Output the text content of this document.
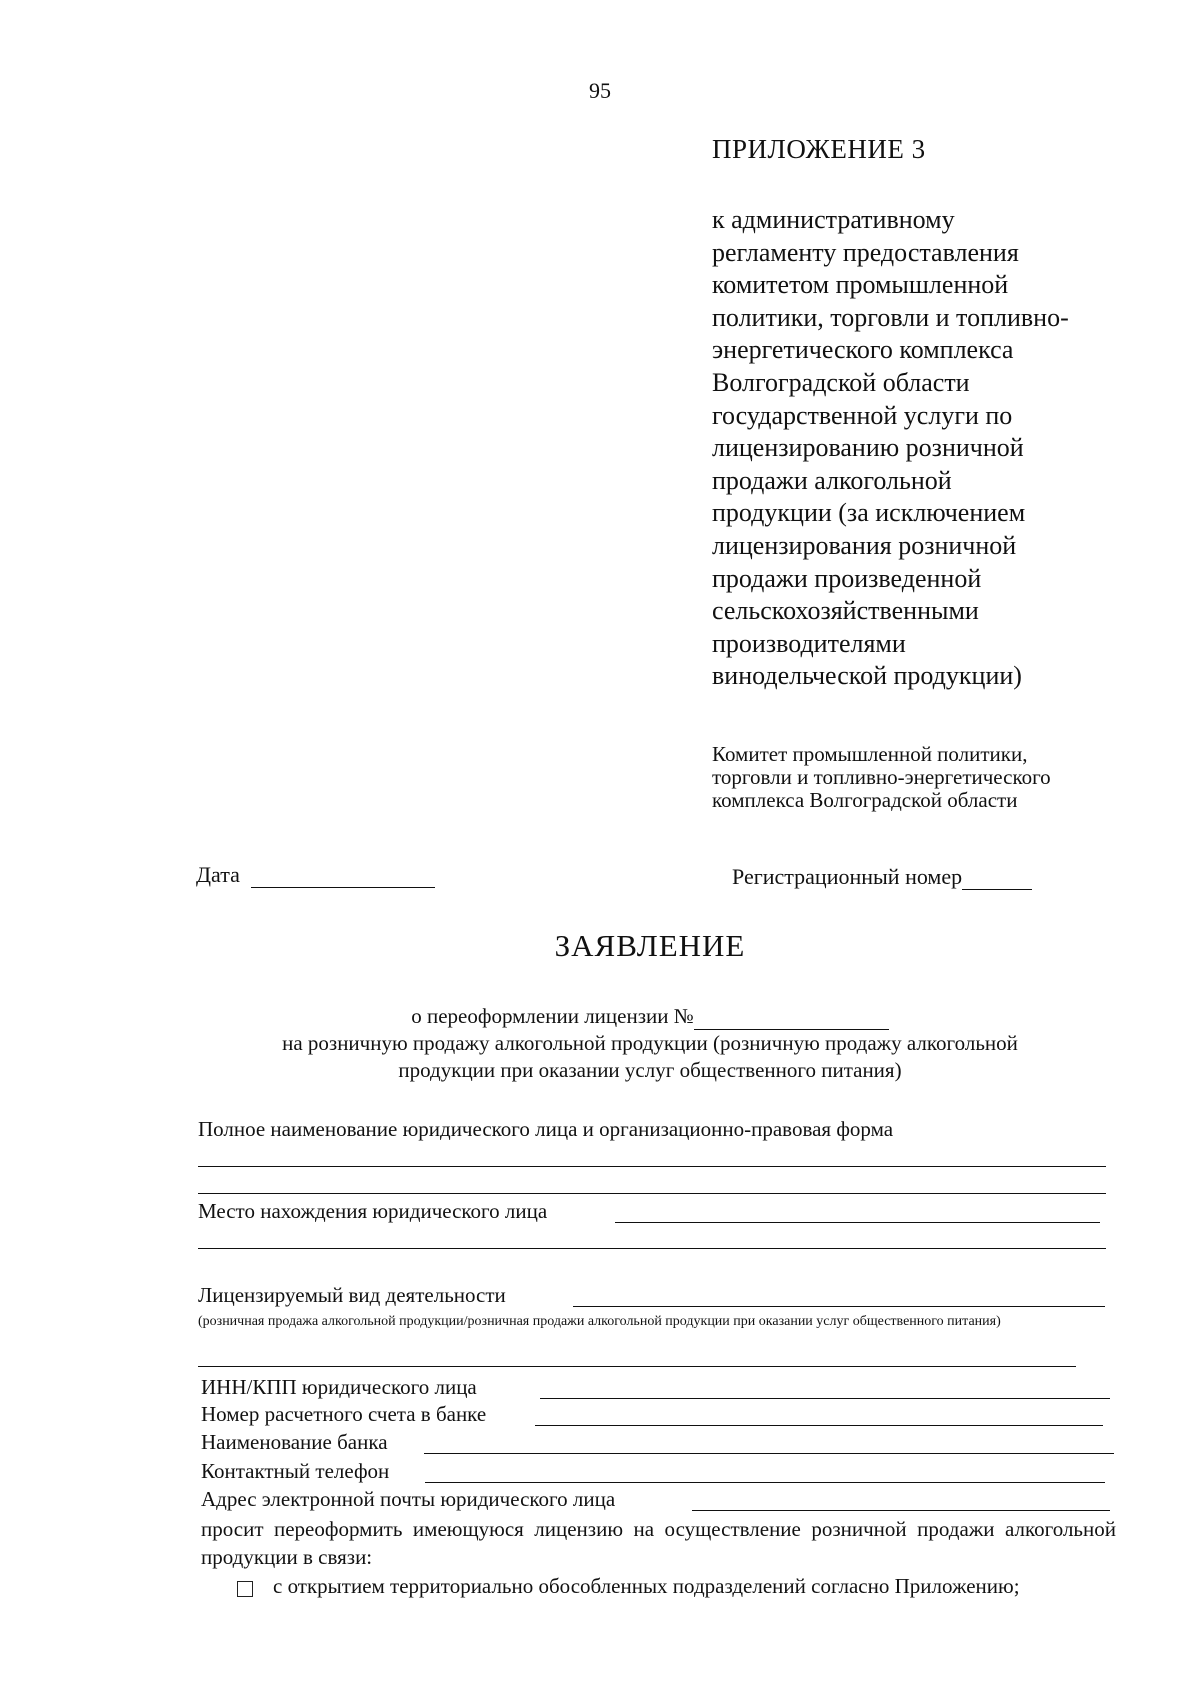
95
ПРИЛОЖЕНИЕ 3
к административному
регламенту предоставления
комитетом промышленной
политики, торговли и топливно-
энергетического комплекса
Волгоградской области
государственной услуги по
лицензированию розничной
продажи алкогольной
продукции (за исключением
лицензирования розничной
продажи произведенной
сельскохозяйственными
производителями
винодельческой продукции)
Комитет промышленной политики,
торговли и топливно-энергетического
комплекса Волгоградской области
Дата	Регистрационный номер
ЗАЯВЛЕНИЕ
о переоформлении лицензии №
на розничную продажу алкогольной продукции (розничную продажу алкогольной
продукции при оказании услуг общественного питания)
Полное наименование юридического лица и организационно-правовая форма
Место нахождения юридического лица
Лицензируемый вид деятельности
(розничная продажа алкогольной продукции/розничная продажи алкогольной продукции при оказании услуг общественного питания)
ИНН/КПП юридического лица
Номер расчетного счета в банке
Наименование банка
Контактный телефон
Адрес электронной почты юридического лица
просит переоформить имеющуюся лицензию на осуществление розничной продажи алкогольной продукции в связи:
с открытием территориально обособленных подразделений согласно Приложению;
